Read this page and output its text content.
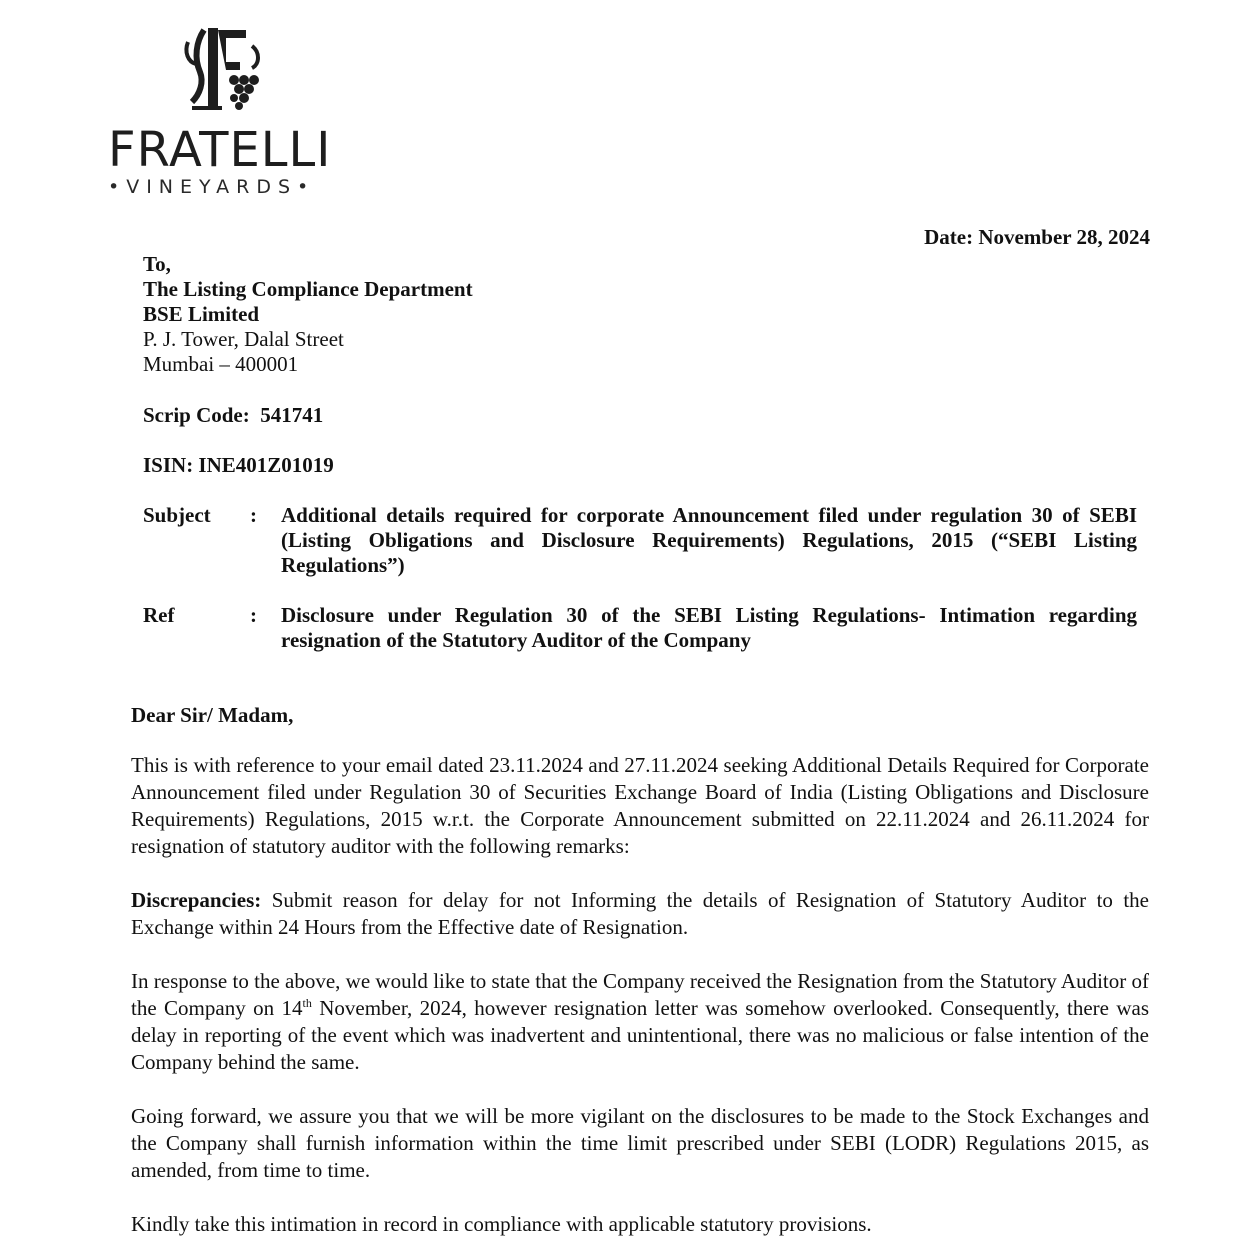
FRATELLI
•VINEYARDS•
Date: November 28, 2024
To,
The Listing Compliance Department
BSE Limited
P. J. Tower, Dalal Street
Mumbai – 400001
Scrip Code:  541741
ISIN: INE401Z01019
Subject : Additional details required for corporate Announcement filed under regulation 30 of SEBI (Listing Obligations and Disclosure Requirements) Regulations, 2015 (“SEBI Listing Regulations”)
Ref	: Disclosure under Regulation 30 of the SEBI Listing Regulations- Intimation regarding resignation of the Statutory Auditor of the Company
Dear Sir/ Madam,
This is with reference to your email dated 23.11.2024 and 27.11.2024 seeking Additional Details Required for Corporate Announcement filed under Regulation 30 of Securities Exchange Board of India (Listing Obligations and Disclosure Requirements) Regulations, 2015 w.r.t. the Corporate Announcement submitted on 22.11.2024 and 26.11.2024 for resignation of statutory auditor with the following remarks:
Discrepancies: Submit reason for delay for not Informing the details of Resignation of Statutory Auditor to the Exchange within 24 Hours from the Effective date of Resignation.
In response to the above, we would like to state that the Company received the Resignation from the Statutory Auditor of the Company on 14th November, 2024, however resignation letter was somehow overlooked. Consequently, there was delay in reporting of the event which was inadvertent and unintentional, there was no malicious or false intention of the Company behind the same.
Going forward, we assure you that we will be more vigilant on the disclosures to be made to the Stock Exchanges and the Company shall furnish information within the time limit prescribed under SEBI (LODR) Regulations 2015, as amended, from time to time.
Kindly take this intimation in record in compliance with applicable statutory provisions.
